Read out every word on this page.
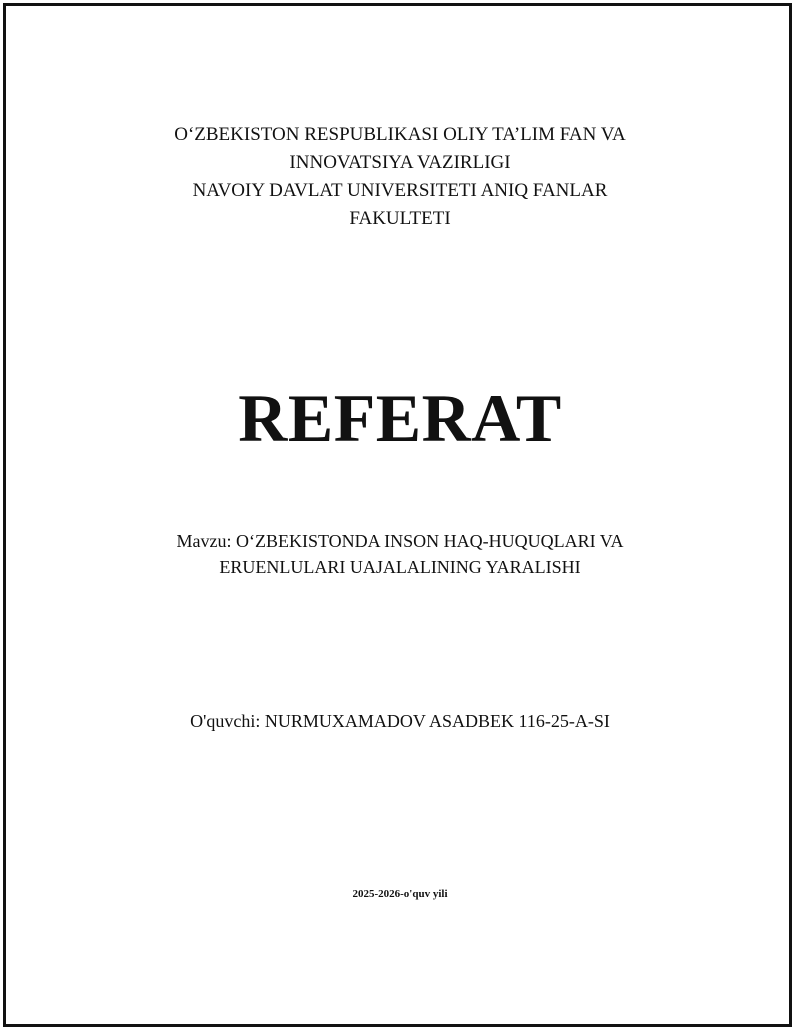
O‘ZBEKISTON RESPUBLIKASI OLIY TA’LIM FAN VA
INNOVATSIYA VAZIRLIGI
NAVOIY DAVLAT UNIVERSITETI ANIQ FANLAR
FAKULTETI
REFERAT
Mavzu: O‘ZBEKISTONDA INSON HAQ-HUQUQLARI VA
ERUENLULARI UAJALALINING YARALISHI
O'quvchi: NURMUXAMADOV ASADBEK 116-25-A-SI
2025-2026-o'quv yili
